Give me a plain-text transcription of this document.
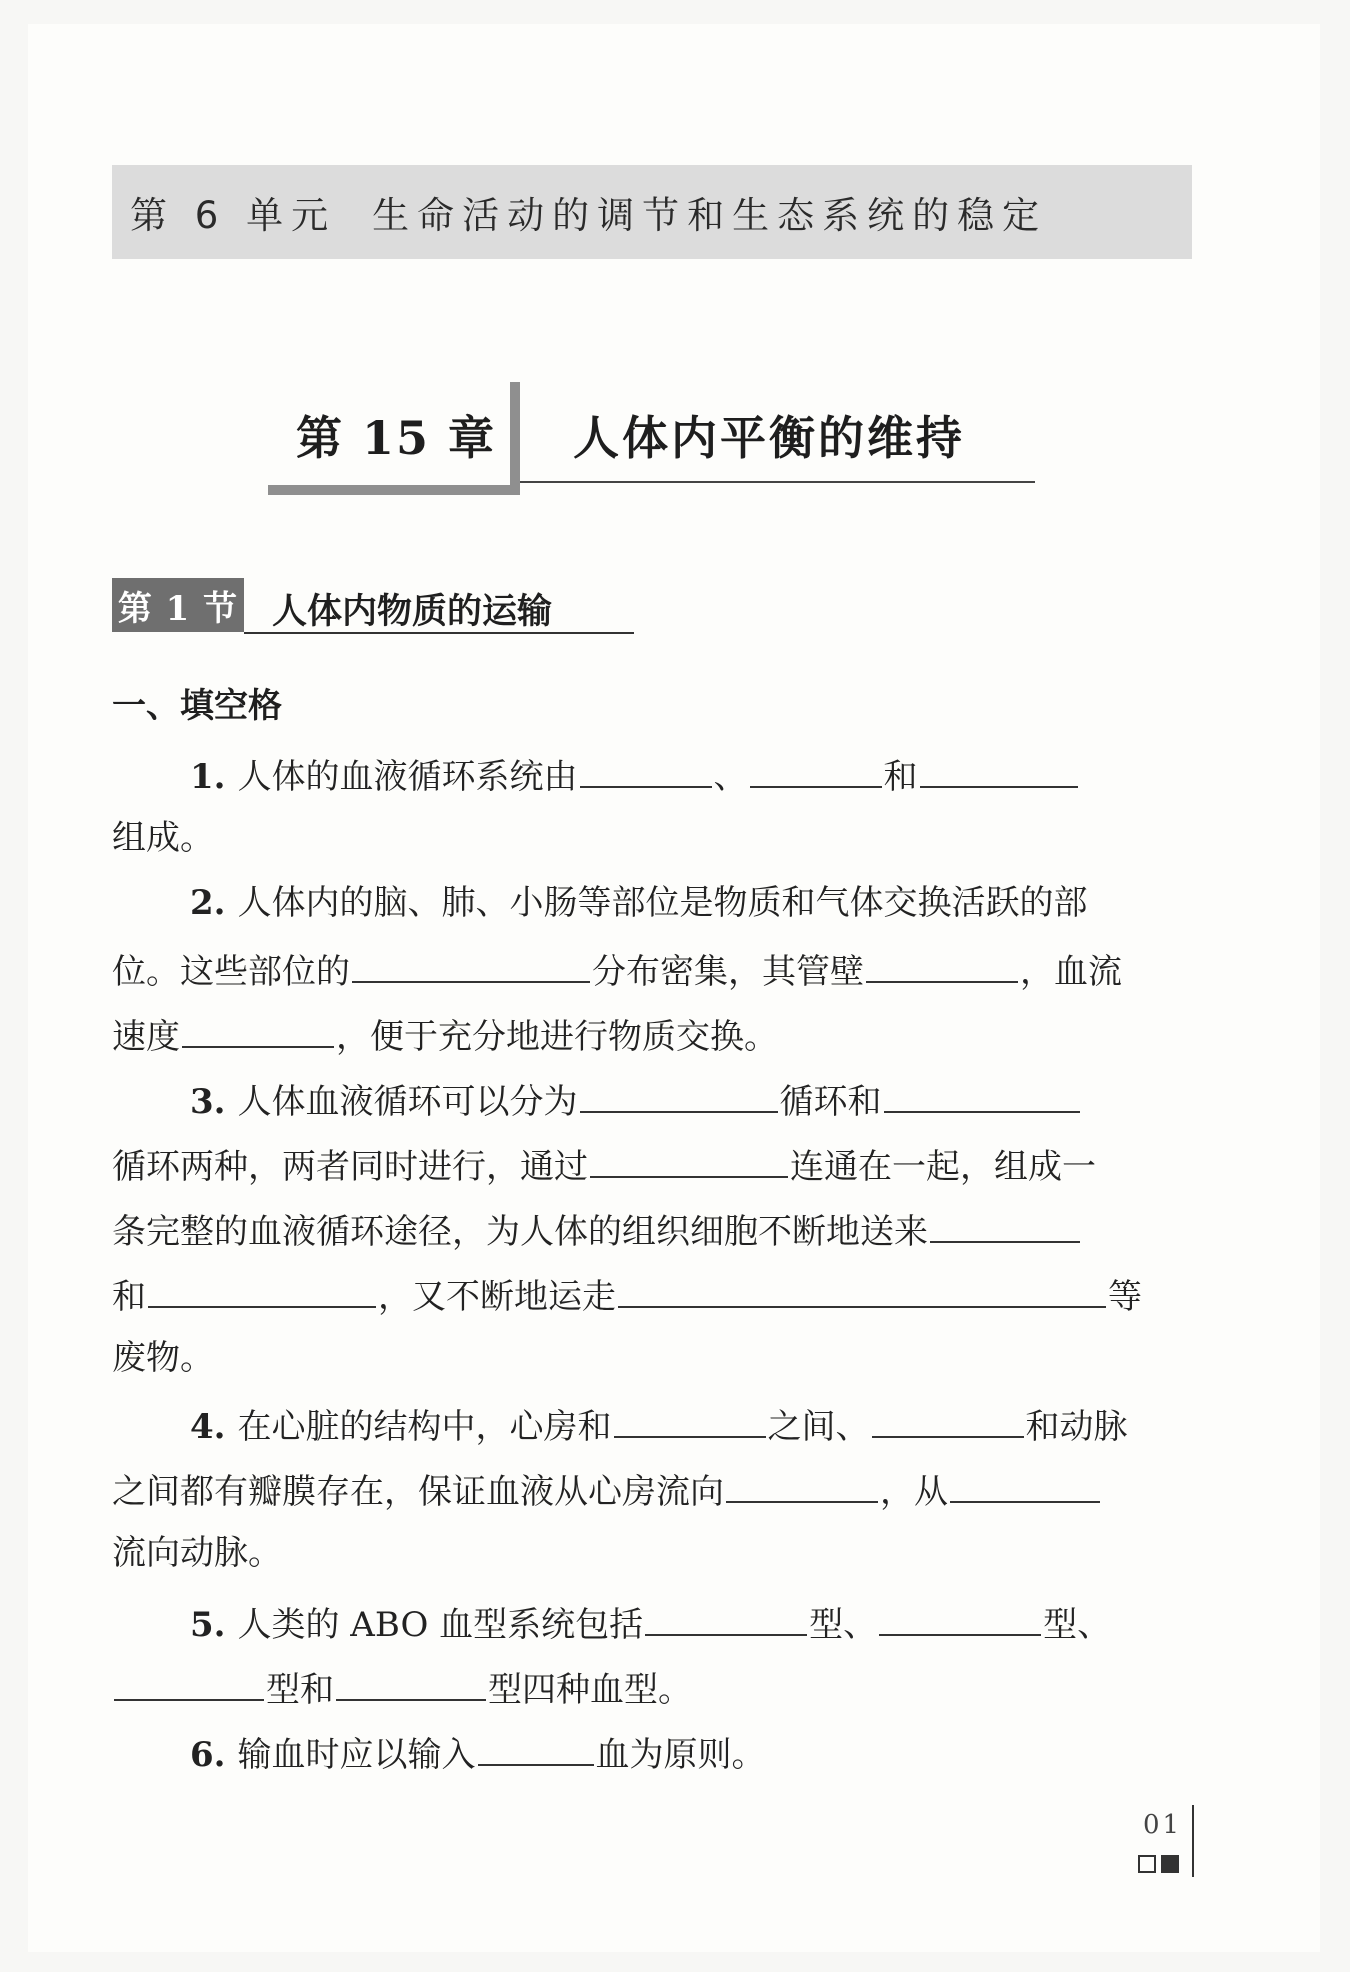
第 6 单元 生命活动的调节和生态系统的稳定
第 15 章 人体内平衡的维持
第 1 节 人体内物质的运输
一、填空格
1. 人体的血液循环系统由	、	和
组成。
2. 人体内的脑、肺、小肠等部位是物质和气体交换活跃的部
位。这些部位的	分布密集，其管壁	，血流
速度	，便于充分地进行物质交换。
3. 人体血液循环可以分为	循环和
循环两种，两者同时进行，通过	连通在一起，组成一
条完整的血液循环途径，为人体的组织细胞不断地送来
和	，又不断地运走	等
废物。
4. 在心脏的结构中，心房和	之间、	和动脉
之间都有瓣膜存在，保证血液从心房流向	，从
流向动脉。
5. 人类的 ABO 血型系统包括	型、	型、
型和	型四种血型。
6. 输血时应以输入	血为原则。
01
